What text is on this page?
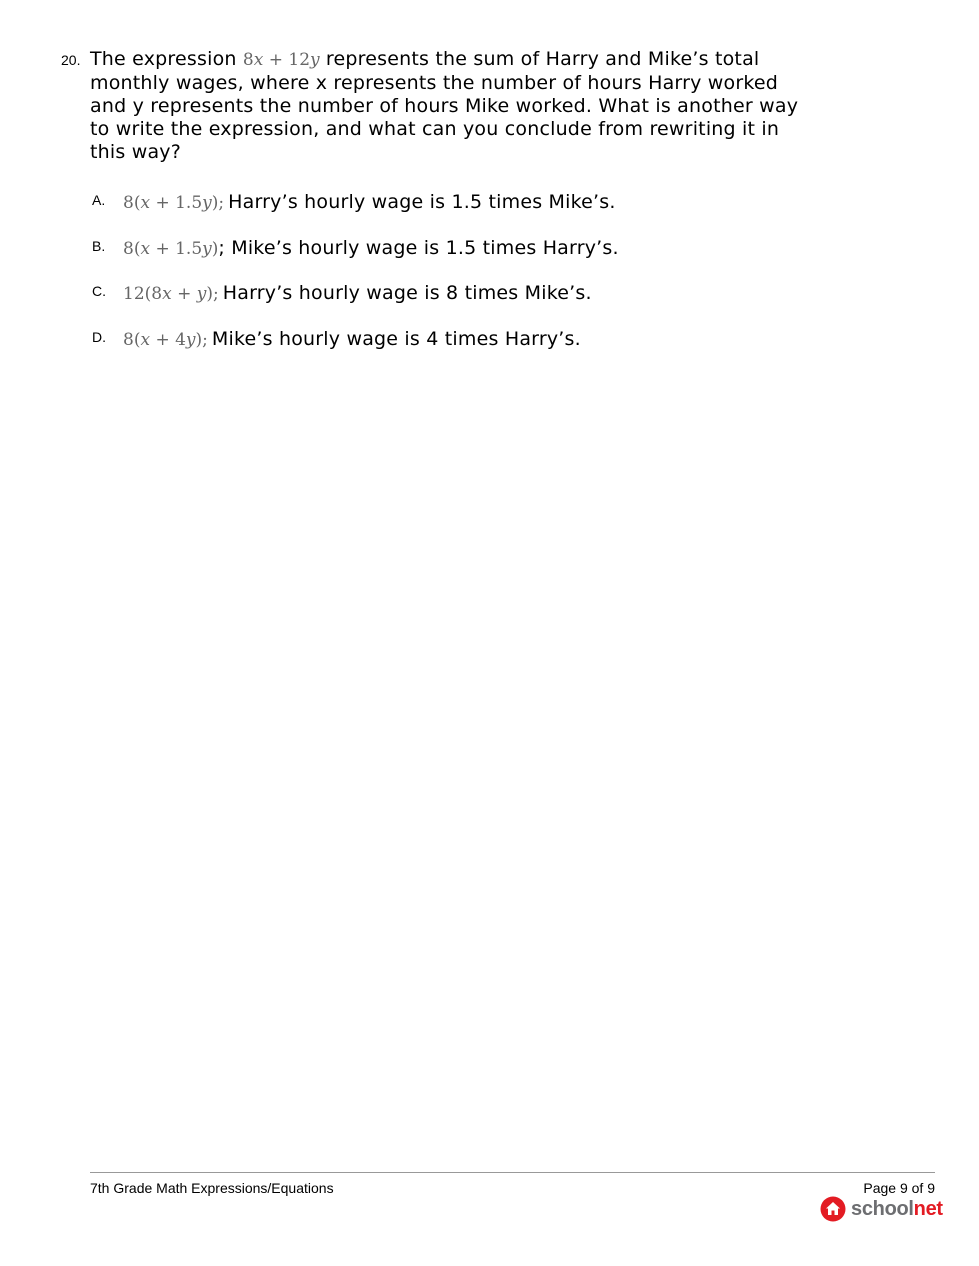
20. The expression 8x + 12y represents the sum of Harry and Mike’s total monthly wages, where x represents the number of hours Harry worked and y represents the number of hours Mike worked. What is another way to write the expression, and what can you conclude from rewriting it in this way?
A. 8(x + 1.5y); Harry’s hourly wage is 1.5 times Mike’s.
B. 8(x + 1.5y); Mike’s hourly wage is 1.5 times Harry’s.
C. 12(8x + y); Harry’s hourly wage is 8 times Mike’s.
D. 8(x + 4y); Mike’s hourly wage is 4 times Harry’s.
7th Grade Math Expressions/Equations	Page 9 of 9
schoolnet
